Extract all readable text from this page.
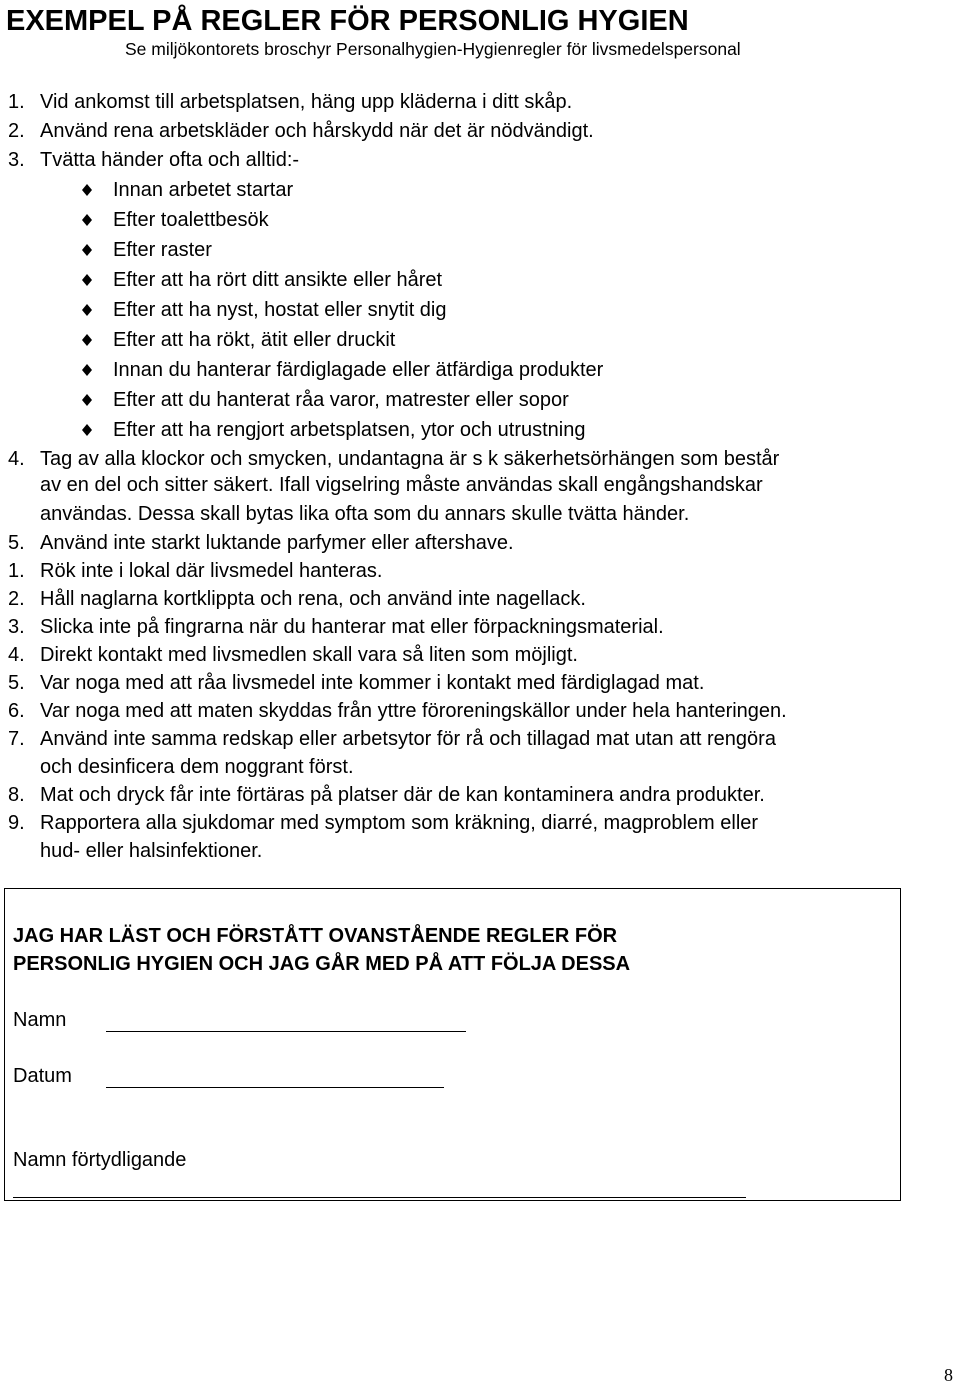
EXEMPEL PÅ REGLER FÖR PERSONLIG HYGIEN
Se miljökontorets broschyr Personalhygien-Hygienregler för livsmedelspersonal
1. Vid ankomst till arbetsplatsen, häng upp kläderna i ditt skåp.
2. Använd rena arbetskläder och hårskydd när det är nödvändigt.
3. Tvätta händer ofta och alltid:-
Innan arbetet startar
Efter toalettbesök
Efter raster
Efter att ha rört ditt ansikte eller håret
Efter att ha nyst, hostat eller snytit dig
Efter att ha rökt, ätit eller druckit
Innan du hanterar färdiglagade eller ätfärdiga produkter
Efter att du hanterat råa varor, matrester eller sopor
Efter att ha rengjort arbetsplatsen, ytor och utrustning
4. Tag av alla klockor och smycken, undantagna är s k säkerhetsörhängen som består
av en del och sitter säkert. Ifall vigselring måste användas skall engångshandskar
användas. Dessa skall bytas lika ofta som du annars skulle tvätta händer.
5. Använd inte starkt luktande parfymer eller aftershave.
1. Rök inte i lokal där livsmedel hanteras.
2. Håll naglarna kortklippta och rena, och använd inte nagellack.
3. Slicka inte på fingrarna när du hanterar mat eller förpackningsmaterial.
4. Direkt kontakt med livsmedlen skall vara så liten som möjligt.
5. Var noga med att råa livsmedel inte kommer i kontakt med färdiglagad mat.
6. Var noga med att maten skyddas från yttre föroreningskällor under hela hanteringen.
7. Använd inte samma redskap eller arbetsytor för rå och tillagad mat utan att rengöra
och desinficera dem noggrant först.
8. Mat och dryck får inte förtäras på platser där de kan kontaminera andra produkter.
9. Rapportera alla sjukdomar med symptom som kräkning, diarré, magproblem eller
hud- eller halsinfektioner.
JAG HAR LÄST OCH FÖRSTÅTT OVANSTÅENDE REGLER FÖR
PERSONLIG HYGIEN OCH JAG GÅR MED PÅ ATT FÖLJA DESSA
Namn
Datum
Namn förtydligande
8
